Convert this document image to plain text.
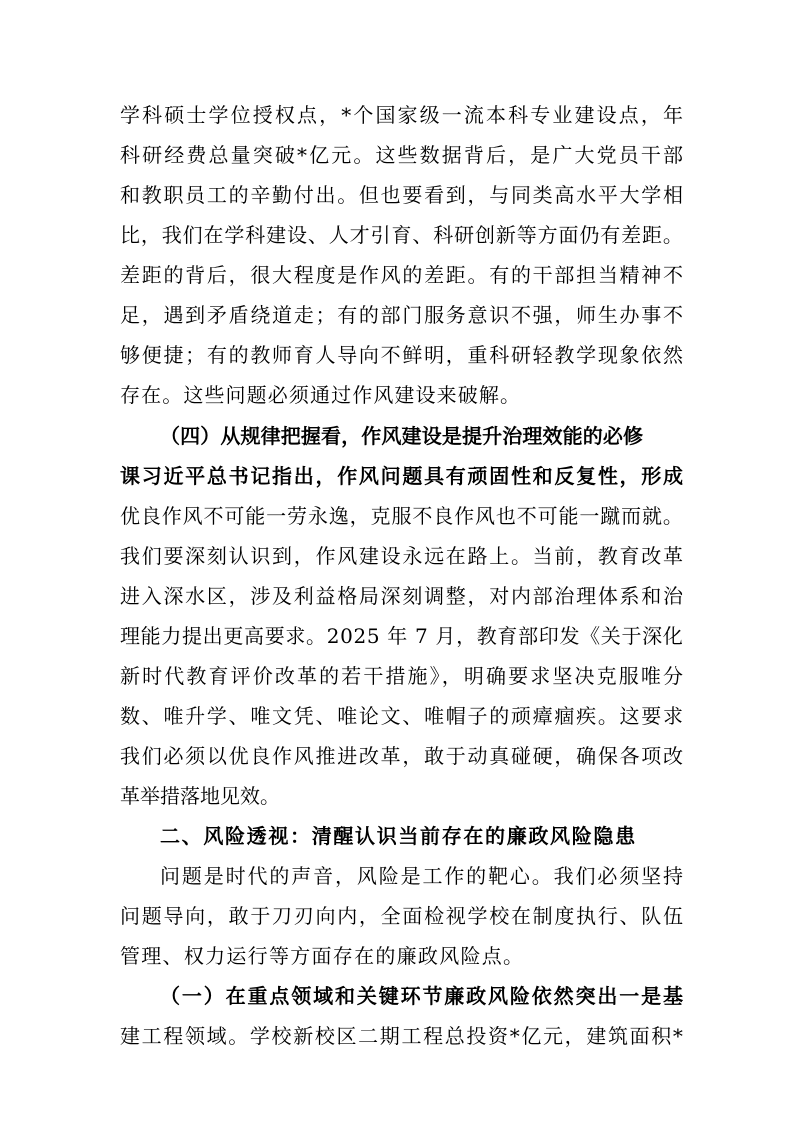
学科硕士学位授权点，*个国家级一流本科专业建设点，年
科研经费总量突破*亿元。这些数据背后，是广大党员干部
和教职员工的辛勤付出。但也要看到，与同类高水平大学相
比，我们在学科建设、人才引育、科研创新等方面仍有差距。
差距的背后，很大程度是作风的差距。有的干部担当精神不
足，遇到矛盾绕道走；有的部门服务意识不强，师生办事不
够便捷；有的教师育人导向不鲜明，重科研轻教学现象依然
存在。这些问题必须通过作风建设来破解。
（四）从规律把握看，作风建设是提升治理效能的必修
课习近平总书记指出，作风问题具有顽固性和反复性，形成
优良作风不可能一劳永逸，克服不良作风也不可能一蹴而就。
我们要深刻认识到，作风建设永远在路上。当前，教育改革
进入深水区，涉及利益格局深刻调整，对内部治理体系和治
理能力提出更高要求。2025 年 7 月，教育部印发《关于深化
新时代教育评价改革的若干措施》，明确要求坚决克服唯分
数、唯升学、唯文凭、唯论文、唯帽子的顽瘴痼疾。这要求
我们必须以优良作风推进改革，敢于动真碰硬，确保各项改
革举措落地见效。
二、风险透视：清醒认识当前存在的廉政风险隐患
问题是时代的声音，风险是工作的靶心。我们必须坚持
问题导向，敢于刀刃向内，全面检视学校在制度执行、队伍
管理、权力运行等方面存在的廉政风险点。
（一）在重点领域和关键环节廉政风险依然突出一是基
建工程领域。学校新校区二期工程总投资*亿元，建筑面积*
